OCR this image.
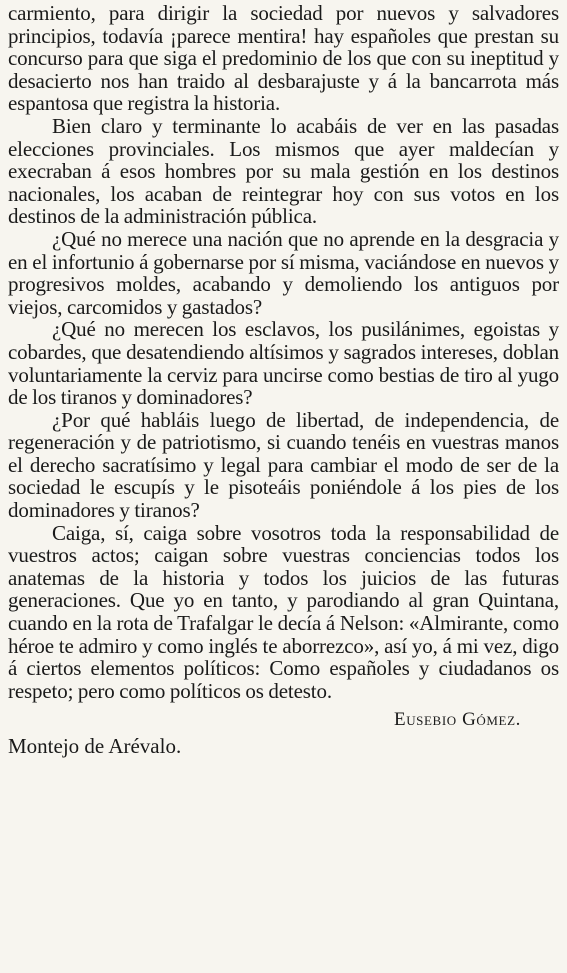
carmiento, para dirigir la sociedad por nuevos y salvadores principios, todavía ¡parece mentira! hay españoles que prestan su concurso para que siga el predominio de los que con su ineptitud y desacierto nos han traido al desbarajuste y á la bancarrota más espantosa que registra la historia.

Bien claro y terminante lo acabáis de ver en las pasadas elecciones provinciales. Los mismos que ayer maldecían y execraban á esos hombres por su mala gestión en los destinos nacionales, los acaban de reintegrar hoy con sus votos en los destinos de la administración pública.

¿Qué no merece una nación que no aprende en la desgracia y en el infortunio á gobernarse por sí misma, vaciándose en nuevos y progresivos moldes, acabando y demoliendo los antiguos por viejos, carcomidos y gastados?

¿Qué no merecen los esclavos, los pusilánimes, egoistas y cobardes, que desatendiendo altísimos y sagrados intereses, doblan voluntariamente la cerviz para uncirse como bestias de tiro al yugo de los tiranos y dominadores?

¿Por qué habláis luego de libertad, de independencia, de regeneración y de patriotismo, si cuando tenéis en vuestras manos el derecho sacratísimo y legal para cambiar el modo de ser de la sociedad le escupís y le pisoteáis poniéndole á los pies de los dominadores y tiranos?

Caiga, sí, caiga sobre vosotros toda la responsabilidad de vuestros actos; caigan sobre vuestras conciencias todos los anatemas de la historia y todos los juicios de las futuras generaciones. Que yo en tanto, y parodiando al gran Quintana, cuando en la rota de Trafalgar le decía á Nelson: «Almirante, como héroe te admiro y como inglés te aborrezco», así yo, á mi vez, digo á ciertos elementos políticos: Como españoles y ciudadanos os respeto; pero como políticos os detesto.

Eusebio Gómez.
Montejo de Arévalo.
